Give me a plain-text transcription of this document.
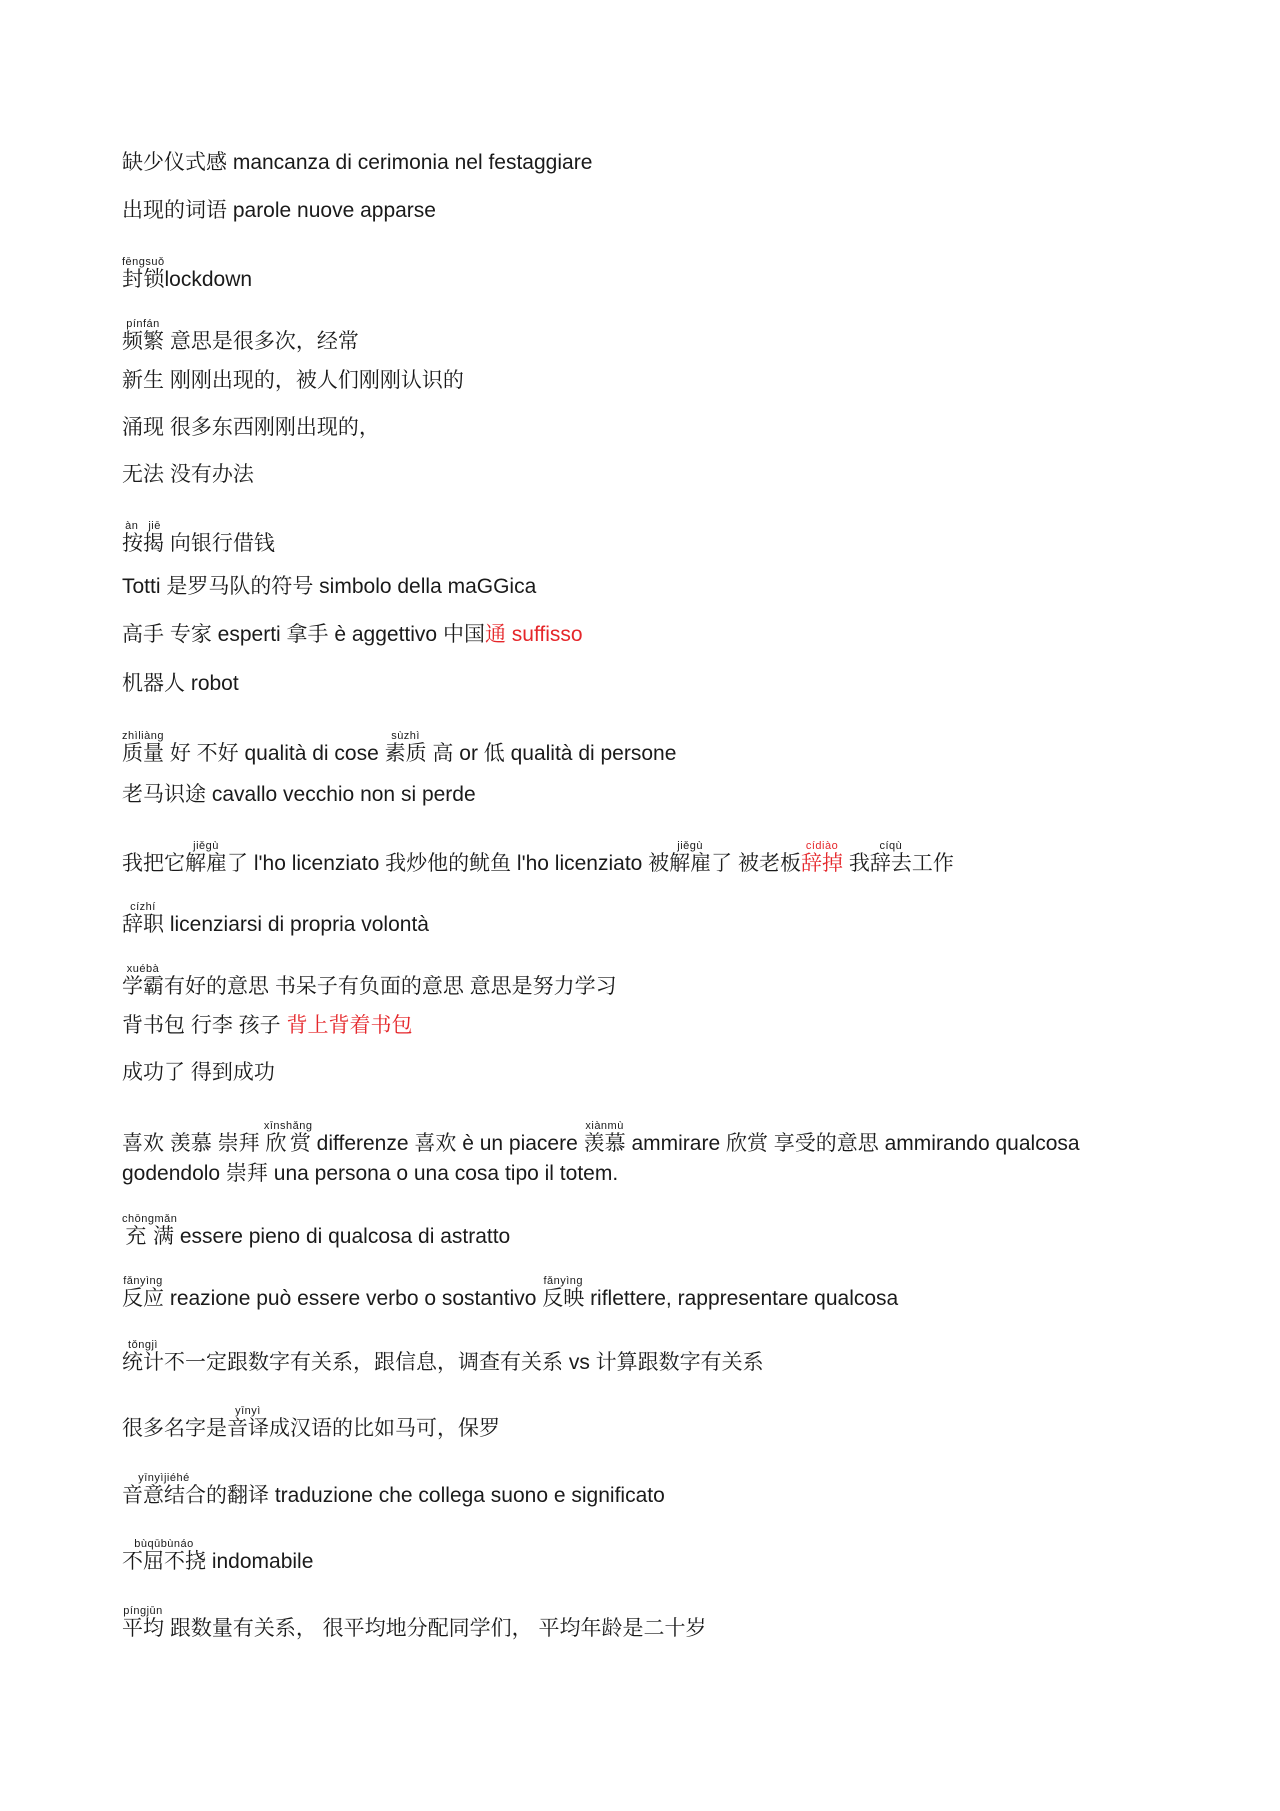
缺少仪式感 mancanza di cerimonia nel festaggiare
出现的词语 parole nuove apparse
封锁fēngsuǒlockdown
频繁pínfán 意思是很多次，经常
新生 刚刚出现的，被人们刚刚认识的
涌现 很多东西刚刚出现的，
无法 没有办法
按揭àn jiē 向银行借钱
Totti 是罗马队的符号 simbolo della maGGica
高手 专家 esperti 拿手 è aggettivo 中国通 suffisso
机器人 robot
质量zhìliàng 好 不好 qualità di cose 素质sùzhì 高 or 低 qualità di persone
老马识途 cavallo vecchio non si perde
我把它解雇jiěgù了 l'ho licenziato 我炒他的鱿鱼 l'ho licenziato 被解雇jiěgù了 被老板辞掉cídiào 我辞去cíqù工作
辞职cízhí licenziarsi di propria volontà
学霸xuébà有好的意思 书呆子有负面的意思 意思是努力学习
背书包 行李 孩子 背上背着书包
成功了 得到成功
喜欢 羡慕 崇拜 欣赏xīnshǎng differenze 喜欢 è un piacere 羡慕xiànmù ammirare 欣赏 享受的意思 ammirando qualcosa godendolo 崇拜 una persona o una cosa tipo il totem.
充满chōngmǎn essere pieno di qualcosa di astratto
反应fǎnyìng reazione può essere verbo o sostantivo 反映fǎnyìng riflettere, rappresentare qualcosa
统计tǒngjì不一定跟数字有关系，跟信息，调查有关系 vs 计算跟数字有关系
很多名字是音译yīnyì成汉语的比如马可，保罗
音意结合yīnyìjiéhé的翻译 traduzione che collega suono e significato
不屈不挠bùqūbùnáo indomabile
平均píngjūn 跟数量有关系， 很平均地分配同学们， 平均年龄是二十岁
